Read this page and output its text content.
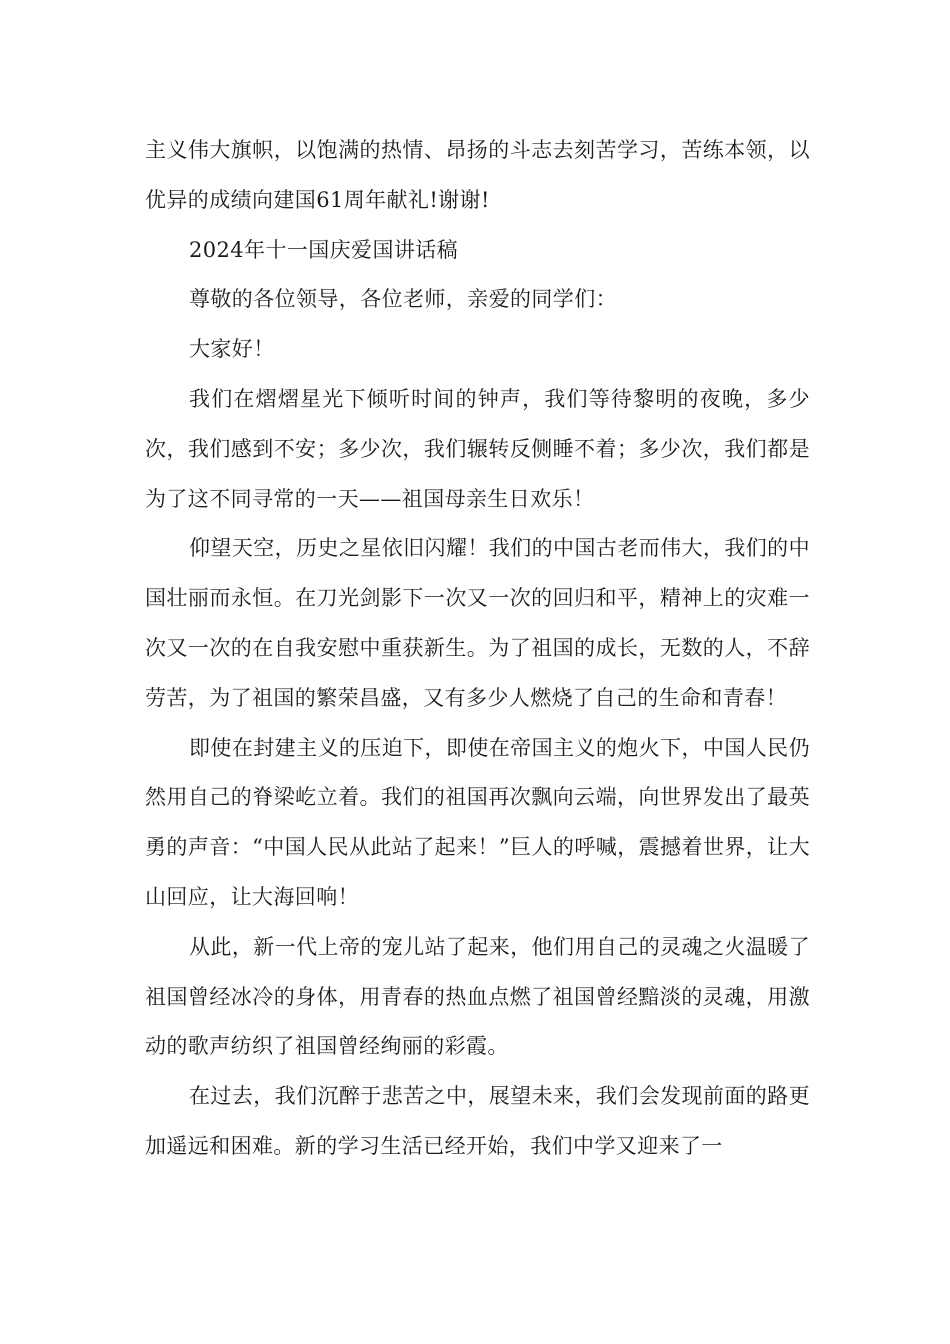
主义伟大旗帜，以饱满的热情、昂扬的斗志去刻苦学习，苦练本领，以优异的成绩向建国61周年献礼!谢谢!

2024年十一国庆爱国讲话稿

尊敬的各位领导，各位老师，亲爱的同学们：

大家好！

我们在熠熠星光下倾听时间的钟声，我们等待黎明的夜晚，多少次，我们感到不安；多少次，我们辗转反侧睡不着；多少次，我们都是为了这不同寻常的一天——祖国母亲生日欢乐！

仰望天空，历史之星依旧闪耀！我们的中国古老而伟大，我们的中国壮丽而永恒。在刀光剑影下一次又一次的回归和平，精神上的灾难一次又一次的在自我安慰中重获新生。为了祖国的成长，无数的人，不辞劳苦，为了祖国的繁荣昌盛，又有多少人燃烧了自己的生命和青春！

即使在封建主义的压迫下，即使在帝国主义的炮火下，中国人民仍然用自己的脊梁屹立着。我们的祖国再次飘向云端，向世界发出了最英勇的声音：“中国人民从此站了起来！”巨人的呼喊，震撼着世界，让大山回应，让大海回响！

从此，新一代上帝的宠儿站了起来，他们用自己的灵魂之火温暖了祖国曾经冰冷的身体，用青春的热血点燃了祖国曾经黯淡的灵魂，用激动的歌声纺织了祖国曾经绚丽的彩霞。

在过去，我们沉醉于悲苦之中，展望未来，我们会发现前面的路更加遥远和困难。新的学习生活已经开始，我们中学又迎来了一
